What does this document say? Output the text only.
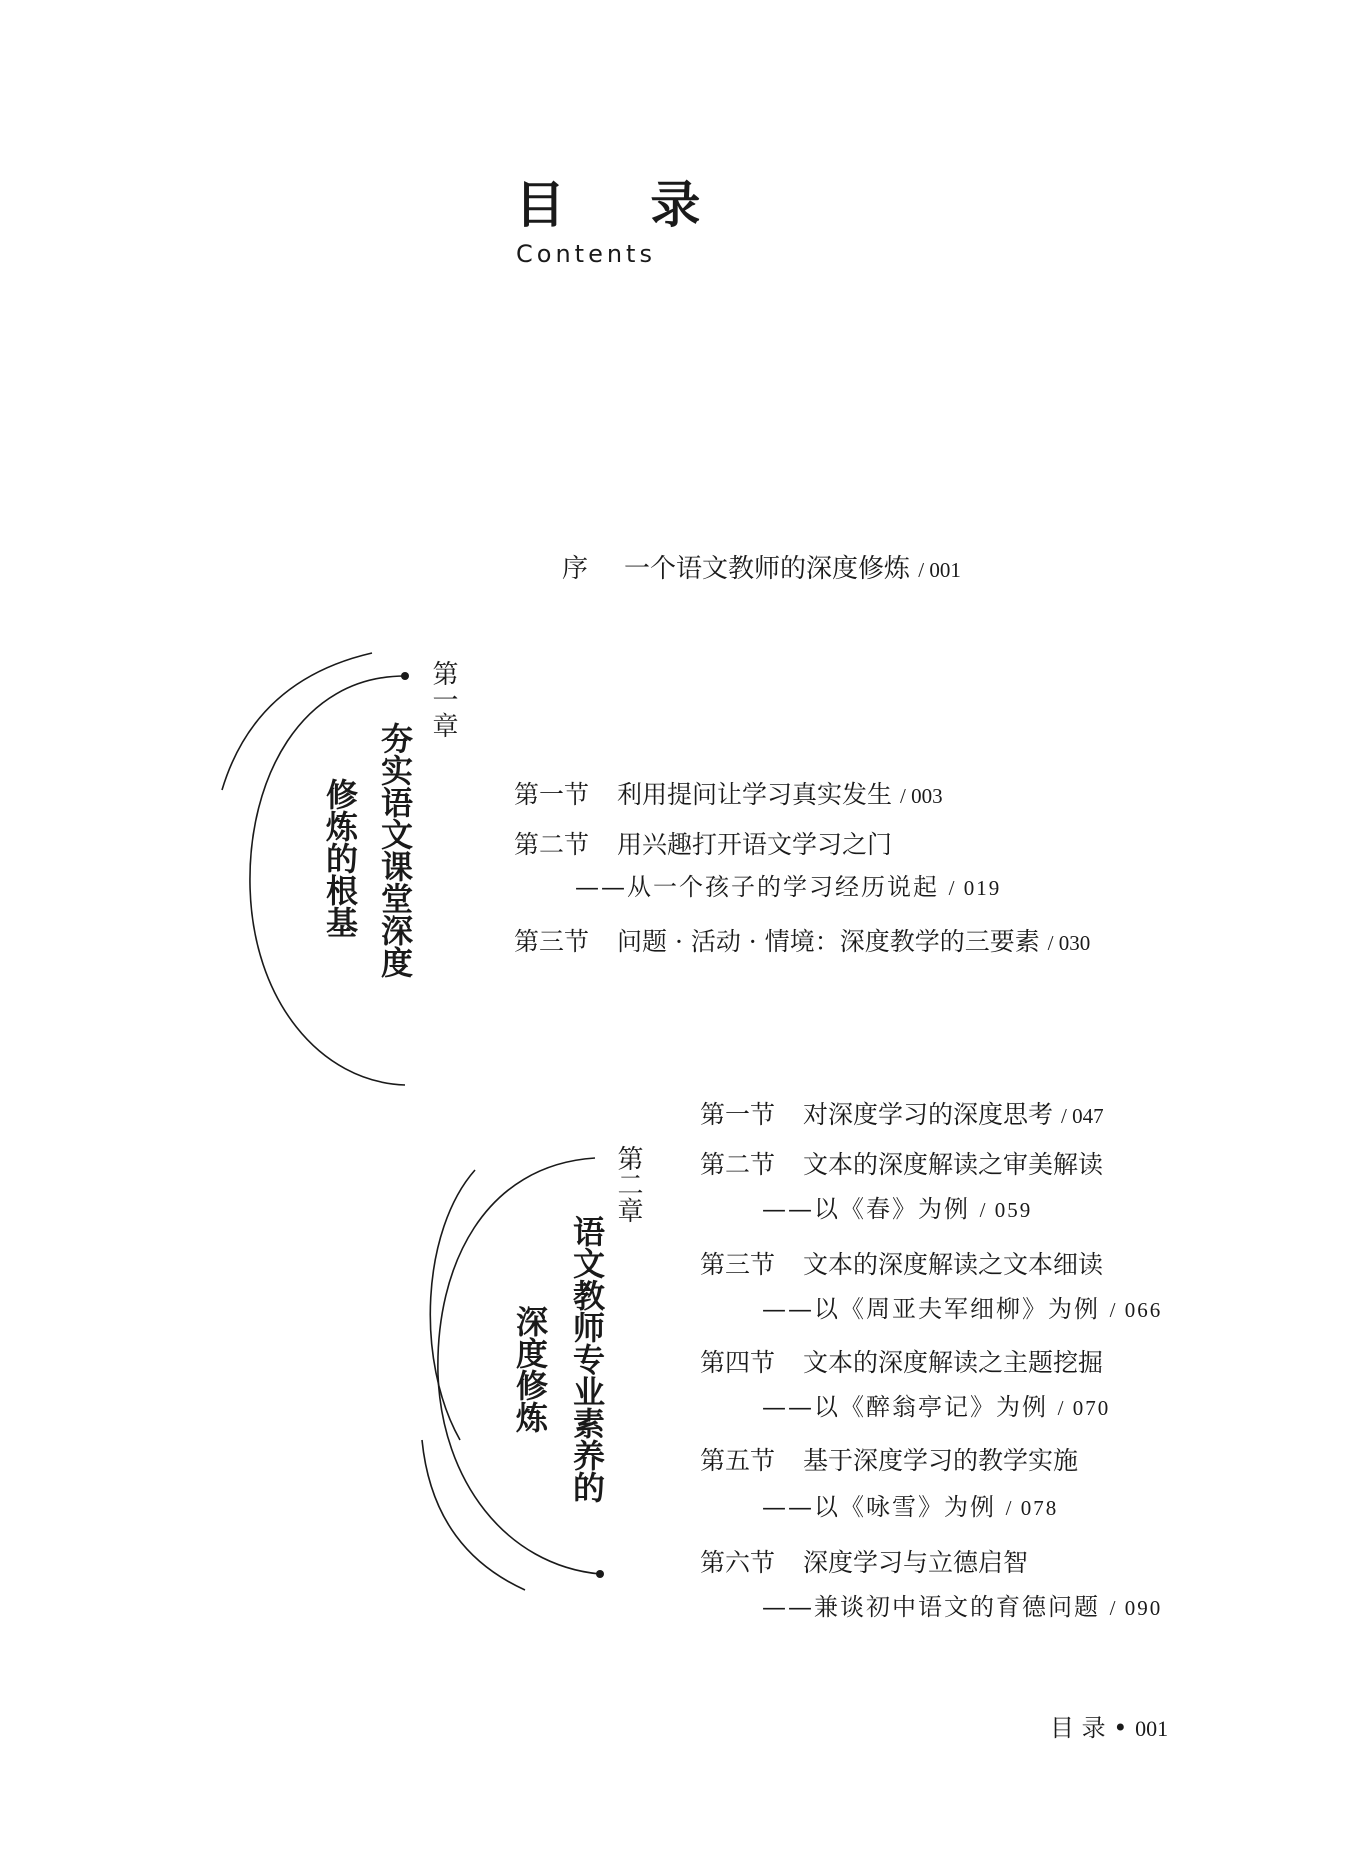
目 录
Contents
序 一个语文教师的深度修炼 / 001
第一章
夯实语文课堂深度
修炼的根基	第一节 利用提问让学习真实发生 / 003
第二节 用兴趣打开语文学习之门
——从一个孩子的学习经历说起 / 019
第三节 问题 · 活动 · 情境：深度教学的三要素 / 030
第二章
语文教师专业素养的
深度修炼
第一节 对深度学习的深度思考 / 047
第二节 文本的深度解读之审美解读
——以《春》为例 / 059
第三节 文本的深度解读之文本细读
——以《周亚夫军细柳》为例 / 066
第四节 文本的深度解读之主题挖掘
——以《醉翁亭记》为例 / 070
第五节 基于深度学习的教学实施
——以《咏雪》为例 / 078
第六节 深度学习与立德启智
——兼谈初中语文的育德问题 / 090
目 录 • 001
